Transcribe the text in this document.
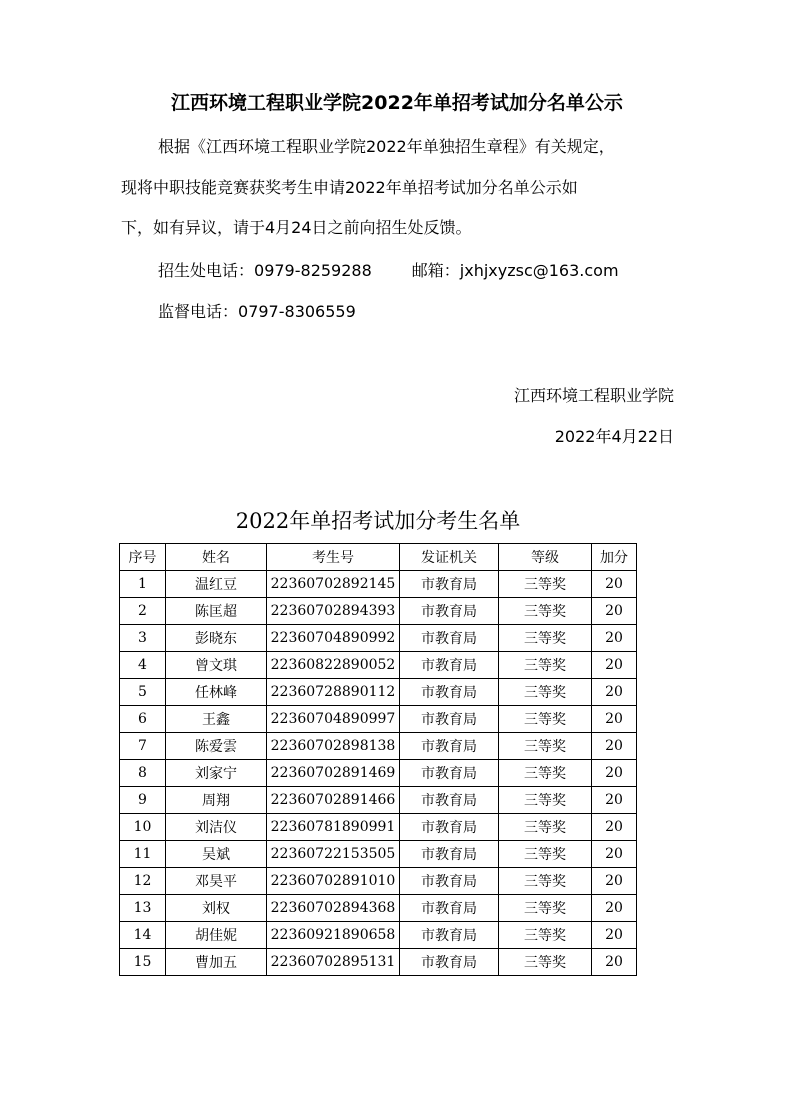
江西环境工程职业学院2022年单招考试加分名单公示
根据《江西环境工程职业学院2022年单独招生章程》有关规定，
现将中职技能竞赛获奖考生申请2022年单招考试加分名单公示如
下，如有异议，请于4月24日之前向招生处反馈。
招生处电话：0979-8259288	邮箱：jxhjxyzsc@163.com
监督电话：0797-8306559
江西环境工程职业学院
2022年4月22日
2022年单招考试加分考生名单
序号	姓名	考生号	发证机关	等级	加分
1	温红豆	22360702892145	市教育局	三等奖	20
2	陈匡超	22360702894393	市教育局	三等奖	20
3	彭晓东	22360704890992	市教育局	三等奖	20
4	曾文琪	22360822890052	市教育局	三等奖	20
5	任林峰	22360728890112	市教育局	三等奖	20
6	王鑫	22360704890997	市教育局	三等奖	20
7	陈爱雲	22360702898138	市教育局	三等奖	20
8	刘家宁	22360702891469	市教育局	三等奖	20
9	周翔	22360702891466	市教育局	三等奖	20
10	刘洁仪	22360781890991	市教育局	三等奖	20
11	吴斌	22360722153505	市教育局	三等奖	20
12	邓昊平	22360702891010	市教育局	三等奖	20
13	刘权	22360702894368	市教育局	三等奖	20
14	胡佳妮	22360921890658	市教育局	三等奖	20
15	曹加五	22360702895131	市教育局	三等奖	20
